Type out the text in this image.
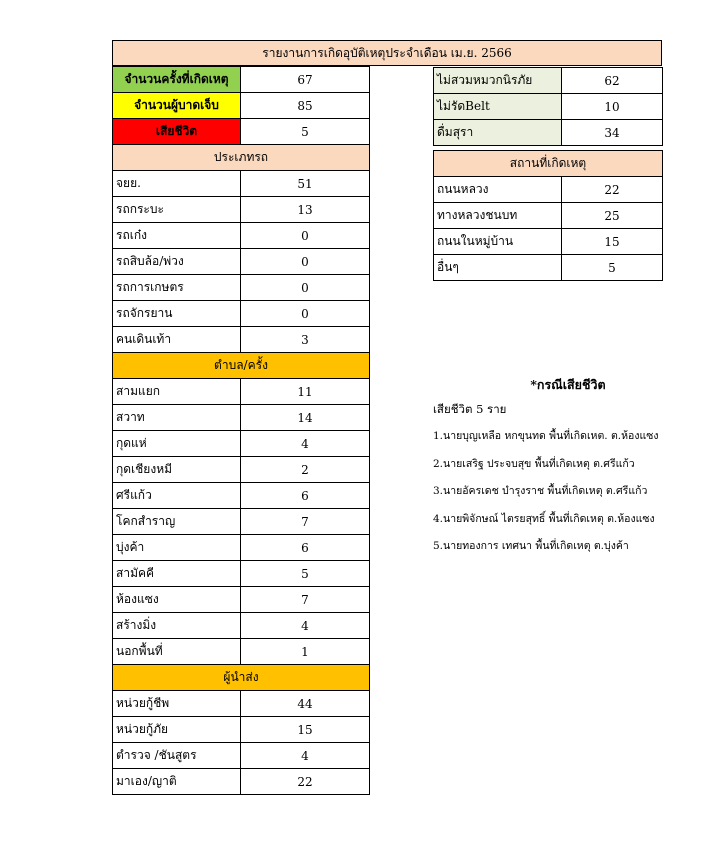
จำนวนครั้งที่เกิดเหตุ	67
จำนวนผู้บาดเจ็บ	85
เสียชีวิต	5
ประเภทรถ	
จยย.	51
รถกระบะ	13
รถเก๋ง	0
รถสิบล้อ/พ่วง	0
รถการเกษตร	0
รถจักรยาน	0
คนเดินเท้า	3
ตำบล/ครั้ง	
สามแยก	11
สวาท	14
กุดแห่	4
กุดเชียงหมี	2
ศรีแก้ว	6
โคกสำราญ	7
บุ่งค้า	6
สามัคคี	5
ห้องแซง	7
สร้างมิ่ง	4
นอกพื้นที่	1
ผู้นำส่ง	
หน่วยกู้ชีพ	44
หน่วยกู้ภัย	15
ตำรวจ /ชันสูตร	4
มาเอง/ญาติ	22
รายงานการเกิดอุบัติเหตุประจำเดือน เม.ย. 2566
ไม่สวมหมวกนิรภัย	62
ไม่รัดBelt	10
ดื่มสุรา	34
สถานที่เกิดเหตุ	
ถนนหลวง	22
ทางหลวงชนบท	25
ถนนในหมู่บ้าน	15
อื่นๆ	5
*กรณีเสียชีวิต
เสียชีวิต 5 ราย
1.นายบุญเหลือ หกขุนทด พื้นที่เกิดเหต. ต.ห้องแซง
2.นายเสริฐ ประจบสุข พื้นที่เกิดเหตุ ต.ศรีแก้ว
3.นายอัครเดช บำรุงราช พื้นที่เกิดเหตุ ต.ศรีแก้ว
4.นายพิจักษณ์ ไตรยสุทธิ์ พื้นที่เกิดเหตุ ต.ห้องแซง
5.นายทองการ เทศนา พื้นที่เกิดเหตุ ต.บุ่งค้า
